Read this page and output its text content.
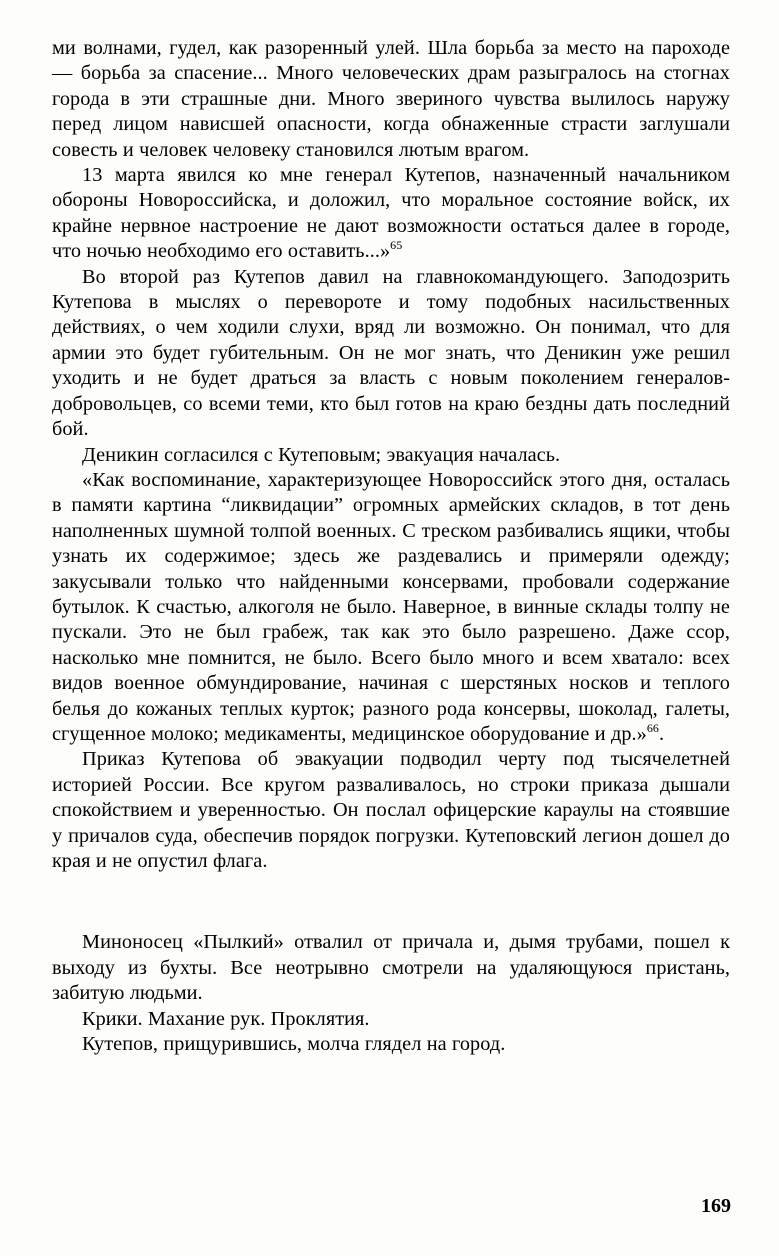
ми волнами, гудел, как разоренный улей. Шла борьба за место на пароходе — борьба за спасение... Много человеческих драм разыгралось на стогнах города в эти страшные дни. Много звериного чувства вылилось наружу перед лицом нависшей опасности, когда обнаженные страсти заглушали совесть и человек человеку становился лютым врагом.

13 марта явился ко мне генерал Кутепов, назначенный начальником обороны Новороссийска, и доложил, что моральное состояние войск, их крайне нервное настроение не дают возможности остаться далее в городе, что ночью необходимо его оставить...»$^{65}$

Во второй раз Кутепов давил на главнокомандующего. Заподозрить Кутепова в мыслях о перевороте и тому подобных насильственных действиях, о чем ходили слухи, вряд ли возможно. Он понимал, что для армии это будет губительным. Он не мог знать, что Деникин уже решил уходить и не будет драться за власть с новым поколением генералов-добровольцев, со всеми теми, кто был готов на краю бездны дать последний бой.

Деникин согласился с Кутеповым; эвакуация началась.

«Как воспоминание, характеризующее Новороссийск этого дня, осталась в памяти картина “ликвидации” огромных армейских складов, в тот день наполненных шумной толпой военных. С треском разбивались ящики, чтобы узнать их содержимое; здесь же раздевались и примеряли одежду; закусывали только что найденными консервами, пробовали содержание бутылок. К счастью, алкоголя не было. Наверное, в винные склады толпу не пускали. Это не был грабеж, так как это было разрешено. Даже ссор, насколько мне помнится, не было. Всего было много и всем хватало: всех видов военное обмундирование, начиная с шерстяных носков и теплого белья до кожаных теплых курток; разного рода консервы, шоколад, галеты, сгущенное молоко; медикаменты, медицинское оборудование и др.»$^{66}$.

Приказ Кутепова об эвакуации подводил черту под тысячелетней историей России. Все кругом разваливалось, но строки приказа дышали спокойствием и уверенностью. Он послал офицерские караулы на стоявшие у причалов суда, обеспечив порядок погрузки. Кутеповский легион дошел до края и не опустил флага.

Миноносец «Пылкий» отвалил от причала и, дымя трубами, пошел к выходу из бухты. Все неотрывно смотрели на удаляющуюся пристань, забитую людьми.

Крики. Махание рук. Проклятия.

Кутепов, прищурившись, молча глядел на город.

169
